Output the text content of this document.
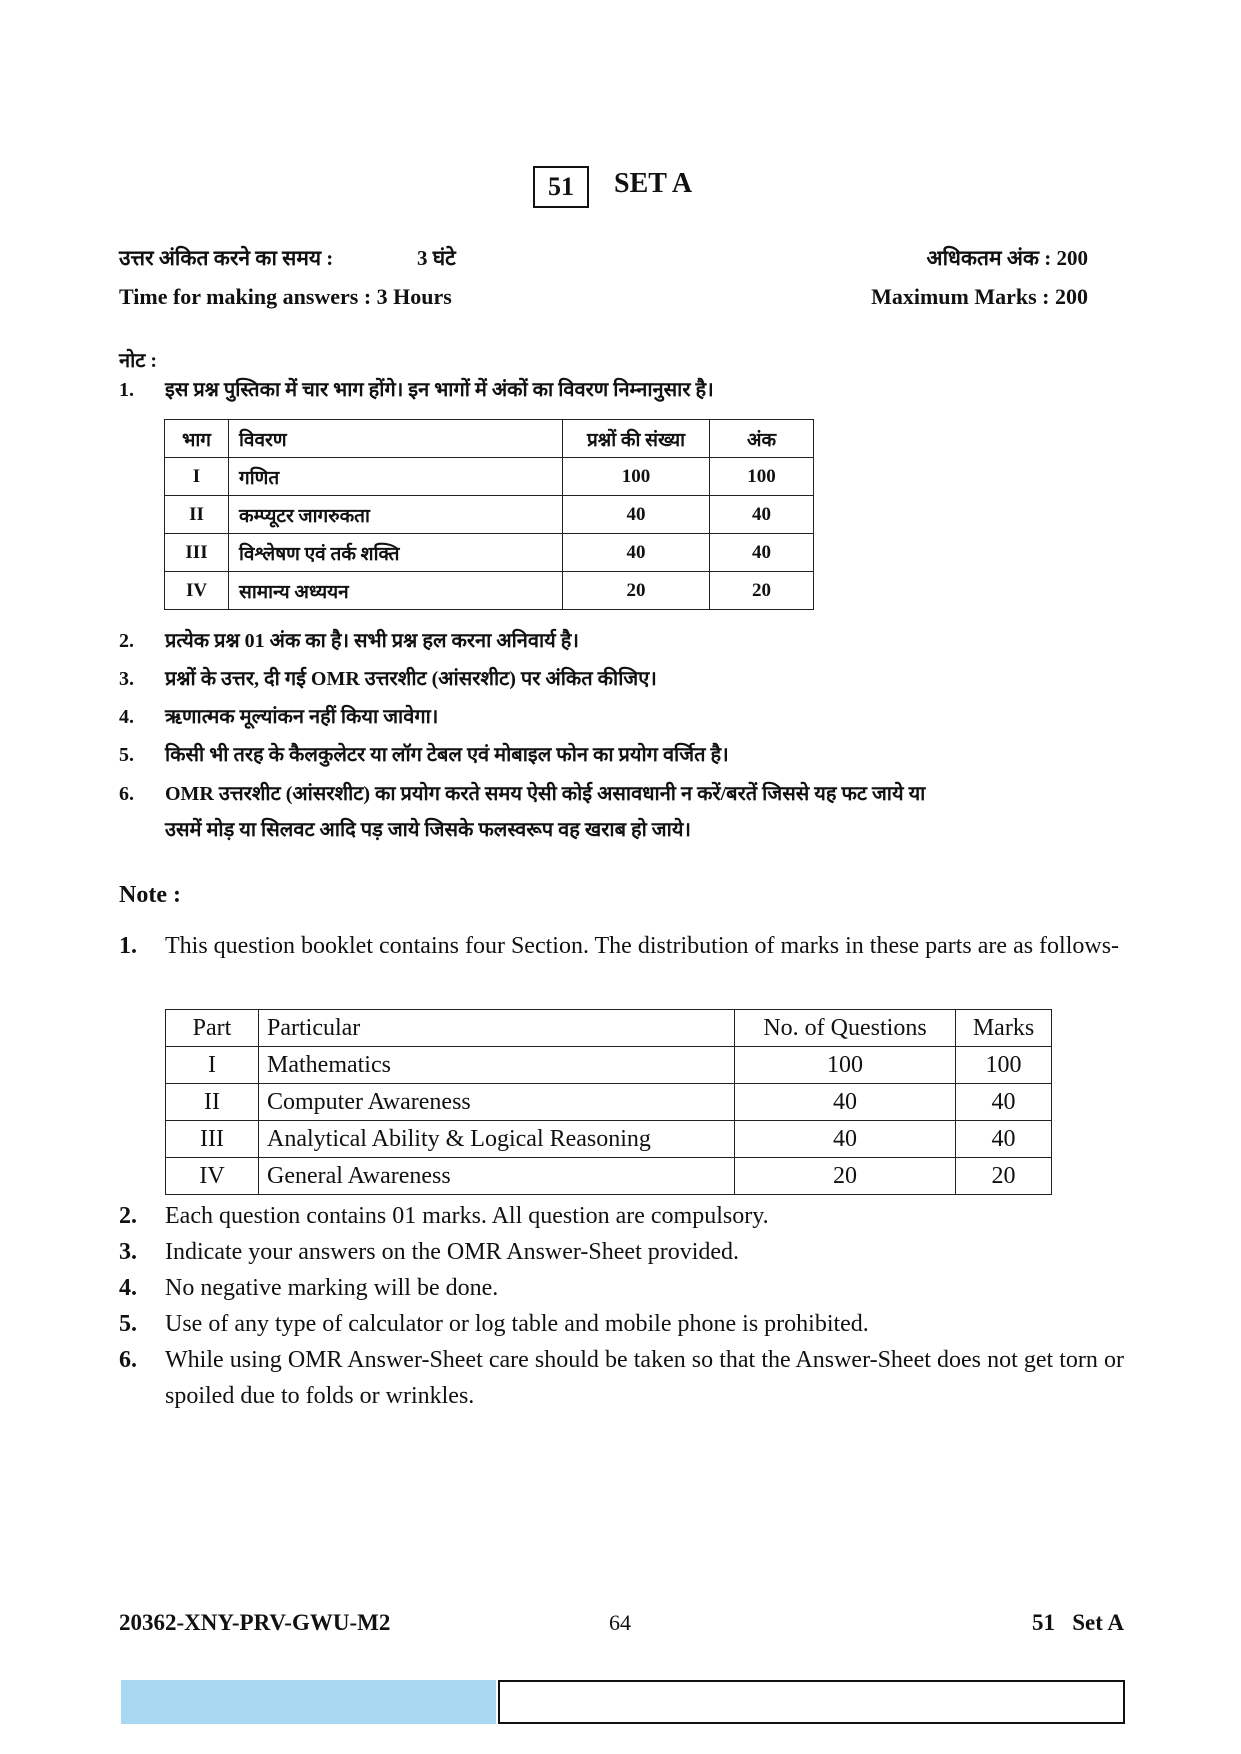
51	SET A
उत्तर अंकित करने का समय :	3 घंटे	अधिकतम अंक : 200
Time for making answers : 3 Hours	Maximum Marks : 200
नोट :
1.	इस प्रश्न पुस्तिका में चार भाग होंगे। इन भागों में अंकों का विवरण निम्नानुसार है।
भाग	विवरण	प्रश्नों की संख्या	अंक
I	गणित	100	100
II	कम्प्यूटर जागरुकता	40	40
III	विश्लेषण एवं तर्क शक्ति	40	40
IV	सामान्य अध्ययन	20	20
2.	प्रत्येक प्रश्न 01 अंक का है। सभी प्रश्न हल करना अनिवार्य है।
3.	प्रश्नों के उत्तर, दी गई OMR उत्तरशीट (आंसरशीट) पर अंकित कीजिए।
4.	ऋणात्मक मूल्यांकन नहीं किया जावेगा।
5.	किसी भी तरह के कैलकुलेटर या लॉग टेबल एवं मोबाइल फोन का प्रयोग वर्जित है।
6.	OMR उत्तरशीट (आंसरशीट) का प्रयोग करते समय ऐसी कोई असावधानी न करें/बरतें जिससे यह फट जाये या
उसमें मोड़ या सिलवट आदि पड़ जाये जिसके फलस्वरूप वह खराब हो जाये।
Note :
1.	This question booklet contains four Section. The distribution of marks in these parts are as follows-
Part	Particular	No. of Questions	Marks
I	Mathematics	100	100
II	Computer Awareness	40	40
III	Analytical Ability & Logical Reasoning	40	40
IV	General Awareness	20	20
2.	Each question contains 01 marks. All question are compulsory.
3.	Indicate your answers on the OMR Answer-Sheet provided.
4.	No negative marking will be done.
5.	Use of any type of calculator or log table and mobile phone is prohibited.
6.	While using OMR Answer-Sheet care should be taken so that the Answer-Sheet does not get torn or spoiled due to folds or wrinkles.
20362-XNY-PRV-GWU-M2	64	51   Set A
